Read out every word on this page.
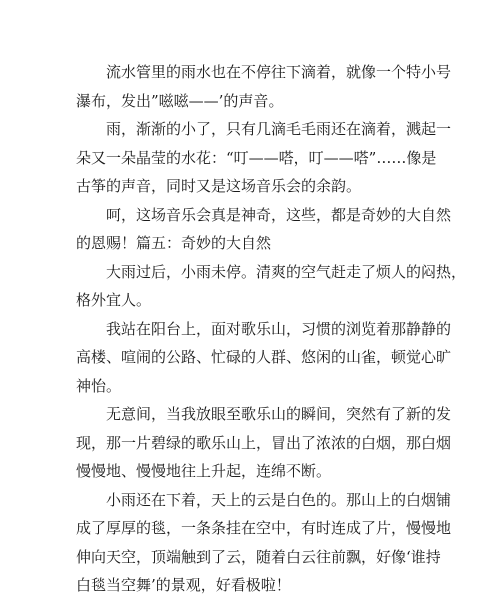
流水管里的雨水也在不停往下滴着，就像一个特小号
瀑布，发出”嗞嗞——’的声音。

雨，渐渐的小了，只有几滴毛毛雨还在滴着，溅起一
朵又一朵晶莹的水花：“叮——嗒，叮——嗒”……像是
古筝的声音，同时又是这场音乐会的余韵。

呵，这场音乐会真是神奇，这些，都是奇妙的大自然
的恩赐！篇五：奇妙的大自然

大雨过后，小雨未停。清爽的空气赶走了烦人的闷热，
格外宜人。

我站在阳台上，面对歌乐山，习惯的浏览着那静静的
高楼、喧闹的公路、忙碌的人群、悠闲的山雀，顿觉心旷
神怡。

无意间，当我放眼至歌乐山的瞬间，突然有了新的发
现，那一片碧绿的歌乐山上，冒出了浓浓的白烟，那白烟
慢慢地、慢慢地往上升起，连绵不断。

小雨还在下着，天上的云是白色的。那山上的白烟铺
成了厚厚的毯，一条条挂在空中，有时连成了片，慢慢地
伸向天空，顶端触到了云，随着白云往前飘，好像‘谁持
白毯当空舞’的景观，好看极啦！
